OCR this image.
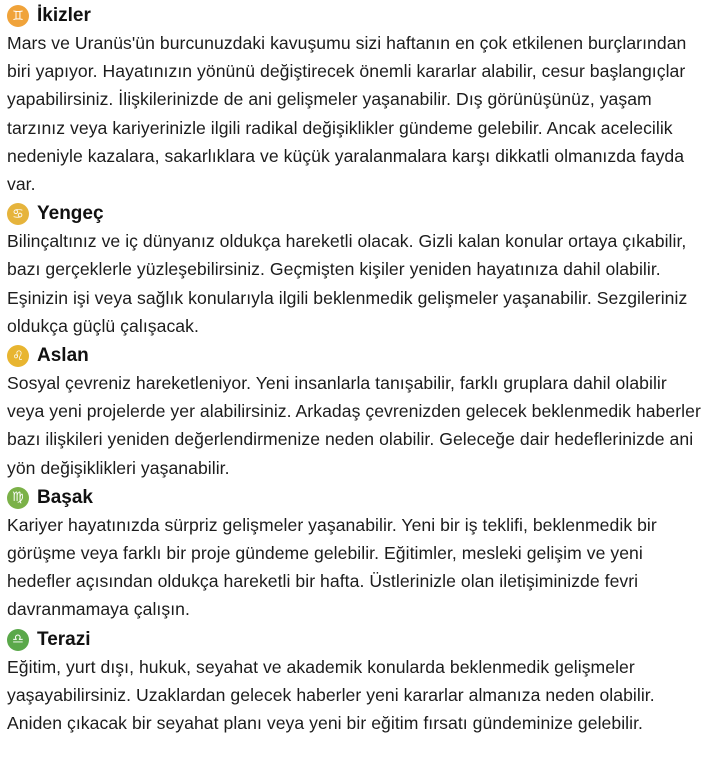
♊ İkizler

Mars ve Uranüs'ün burcunuzdaki kavuşumu sizi haftanın en çok etkilenen burçlarından biri yapıyor. Hayatınızın yönünü değiştirecek önemli kararlar alabilir, cesur başlangıçlar yapabilirsiniz. İlişkilerinizde de ani gelişmeler yaşanabilir. Dış görünüşünüz, yaşam tarzınız veya kariyerinizle ilgili radikal değişiklikler gündeme gelebilir. Ancak acelecilik nedeniyle kazalara, sakarlıklara ve küçük yaralanmalara karşı dikkatli olmanızda fayda var.

♋ Yengeç

Bilinçaltınız ve iç dünyanız oldukça hareketli olacak. Gizli kalan konular ortaya çıkabilir, bazı gerçeklerle yüzleşebilirsiniz. Geçmişten kişiler yeniden hayatınıza dahil olabilir. Eşinizin işi veya sağlık konularıyla ilgili beklenmedik gelişmeler yaşanabilir. Sezgileriniz oldukça güçlü çalışacak.

♌ Aslan

Sosyal çevreniz hareketleniyor. Yeni insanlarla tanışabilir, farklı gruplara dahil olabilir veya yeni projelerde yer alabilirsiniz. Arkadaş çevrenizden gelecek beklenmedik haberler bazı ilişkileri yeniden değerlendirmenize neden olabilir. Geleceğe dair hedeflerinizde ani yön değişiklikleri yaşanabilir.

♍ Başak

Kariyer hayatınızda sürpriz gelişmeler yaşanabilir. Yeni bir iş teklifi, beklenmedik bir görüşme veya farklı bir proje gündeme gelebilir. Eğitimler, mesleki gelişim ve yeni hedefler açısından oldukça hareketli bir hafta. Üstlerinizle olan iletişiminizde fevri davranmamaya çalışın.

♎ Terazi

Eğitim, yurt dışı, hukuk, seyahat ve akademik konularda beklenmedik gelişmeler yaşayabilirsiniz. Uzaklardan gelecek haberler yeni kararlar almanıza neden olabilir. Aniden çıkacak bir seyahat planı veya yeni bir eğitim fırsatı gündeminize gelebilir.
